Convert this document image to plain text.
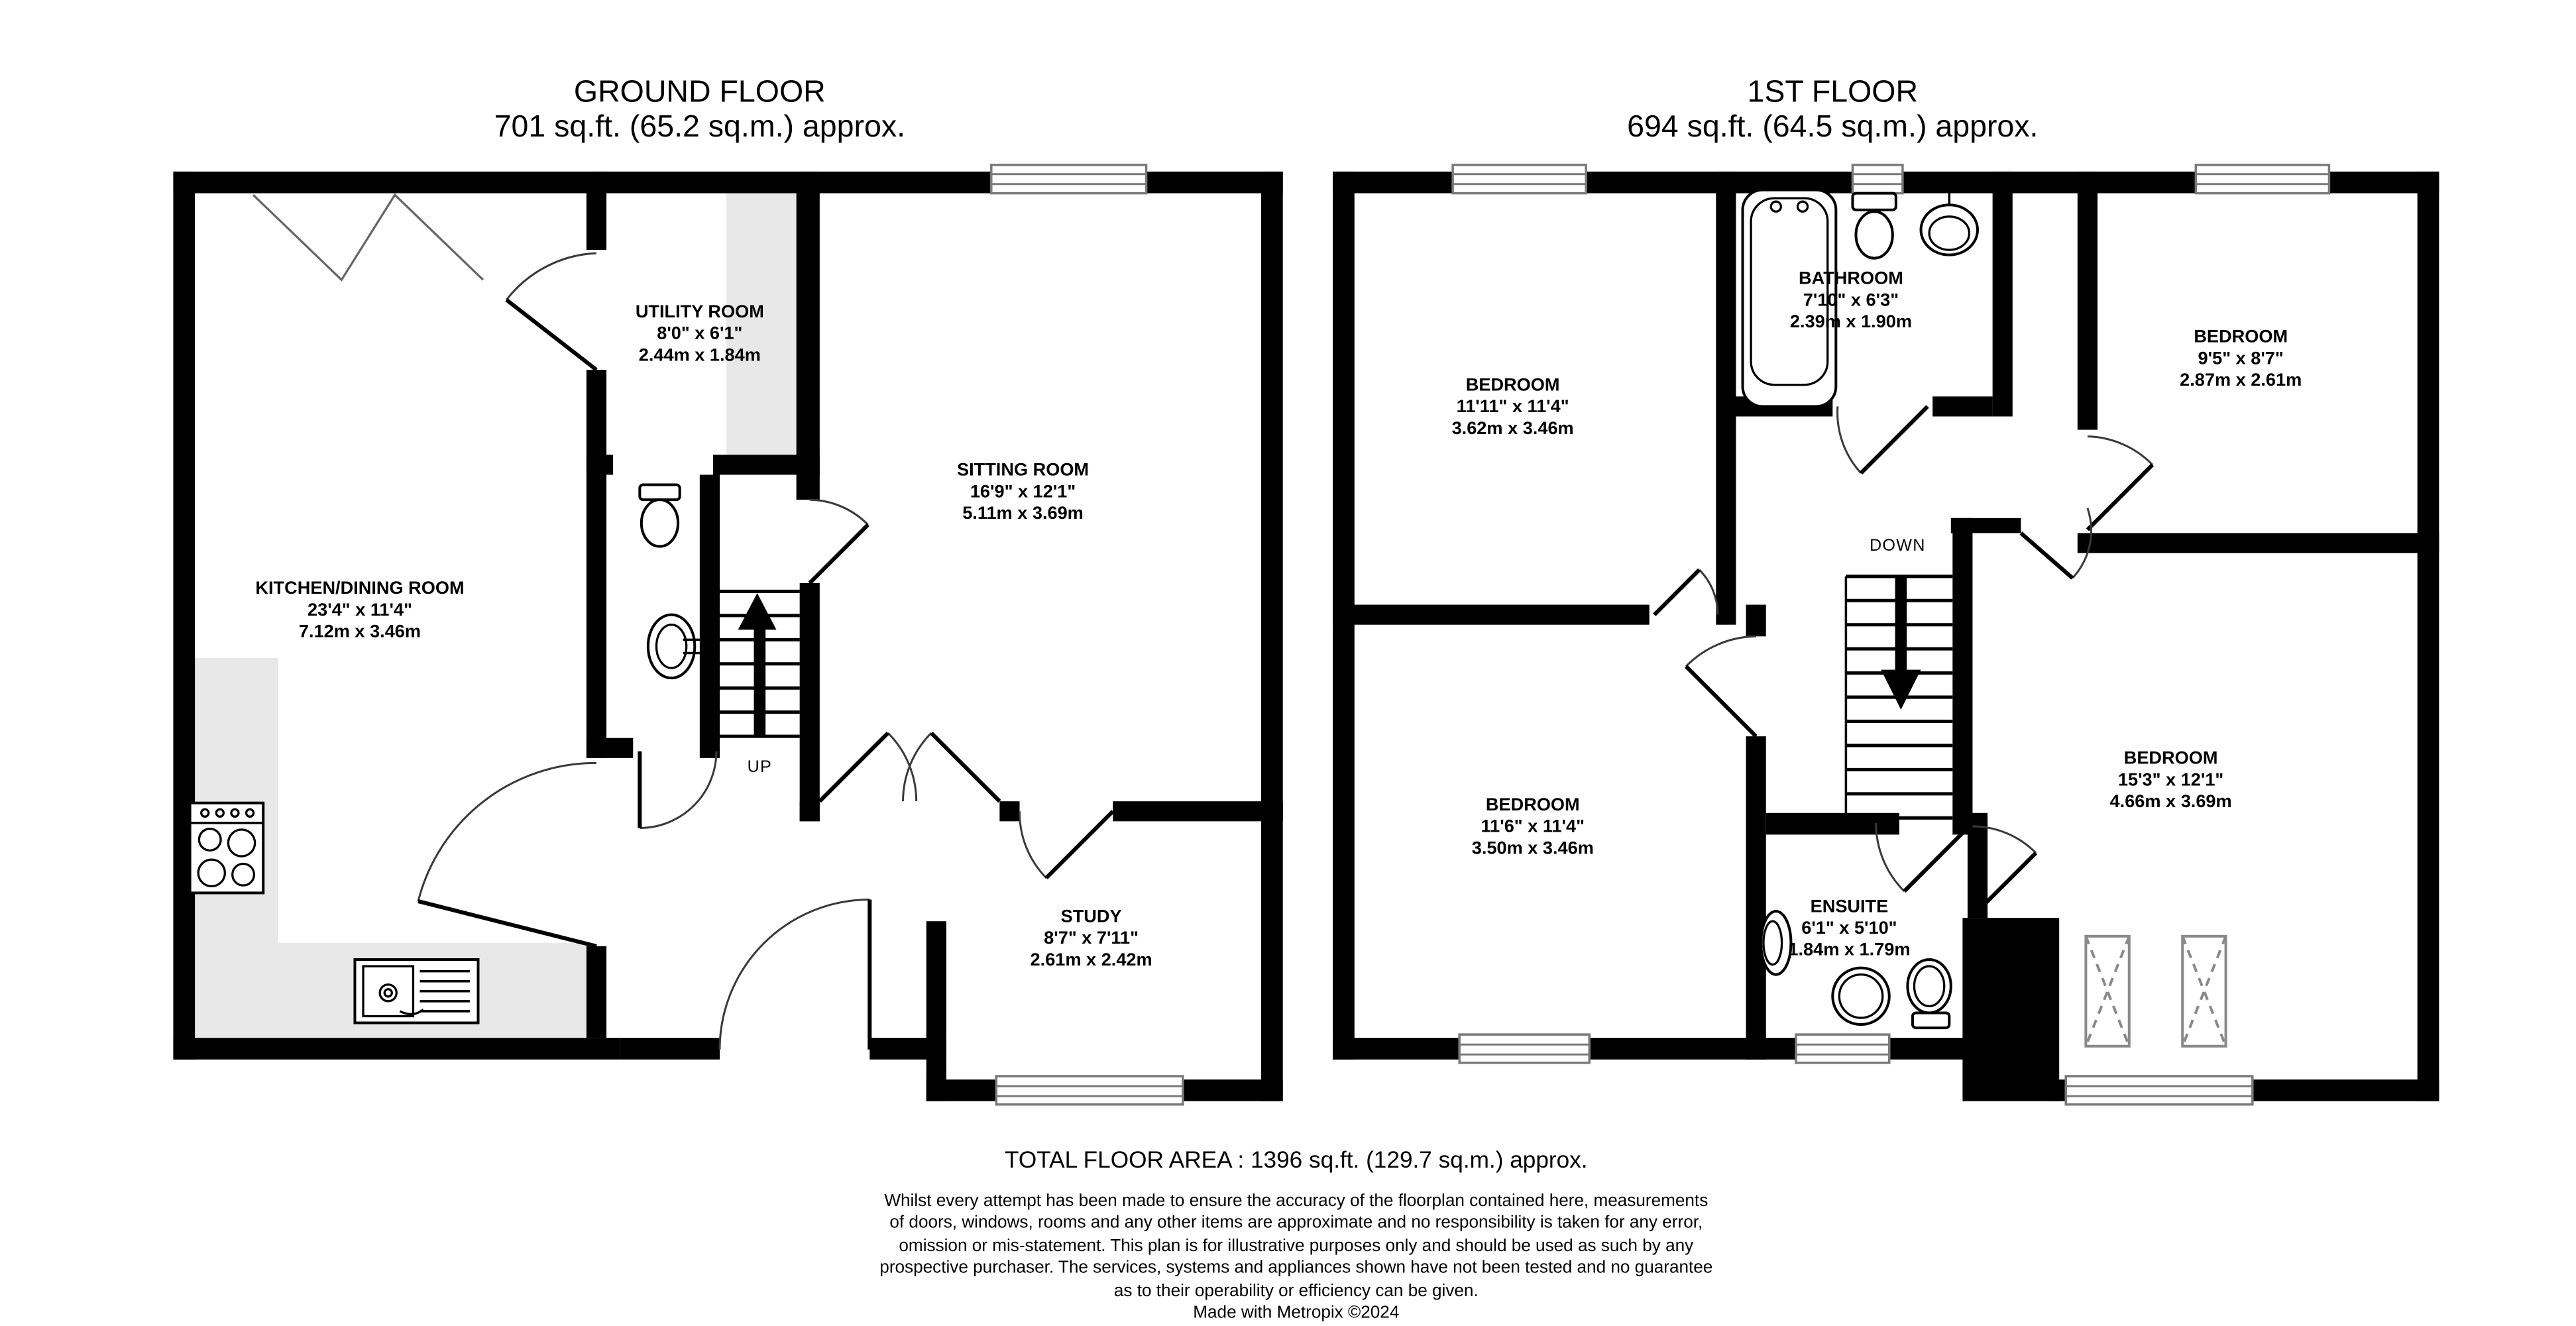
GROUND FLOOR
701 sq.ft. (65.2 sq.m.) approx.
1ST FLOOR
694 sq.ft. (64.5 sq.m.) approx.
KITCHEN/DINING ROOM
23'4" x 11'4"
7.12m x 3.46m
UTILITY ROOM
8'0" x 6'1"
2.44m x 1.84m
SITTING ROOM
16'9" x 12'1"
5.11m x 3.69m
STUDY
8'7" x 7'11"
2.61m x 2.42m
UP
BEDROOM
11'11" x 11'4"
3.62m x 3.46m
BATHROOM
7'10" x 6'3"
2.39m x 1.90m
BEDROOM
9'5" x 8'7"
2.87m x 2.61m
BEDROOM
11'6" x 11'4"
3.50m x 3.46m
ENSUITE
6'1" x 5'10"
1.84m x 1.79m
BEDROOM
15'3" x 12'1"
4.66m x 3.69m
DOWN
TOTAL FLOOR AREA : 1396 sq.ft. (129.7 sq.m.) approx.
Whilst every attempt has been made to ensure the accuracy of the floorplan contained here, measurements
of doors, windows, rooms and any other items are approximate and no responsibility is taken for any error,
omission or mis-statement. This plan is for illustrative purposes only and should be used as such by any
prospective purchaser. The services, systems and appliances shown have not been tested and no guarantee
as to their operability or efficiency can be given.
Made with Metropix ©2024
